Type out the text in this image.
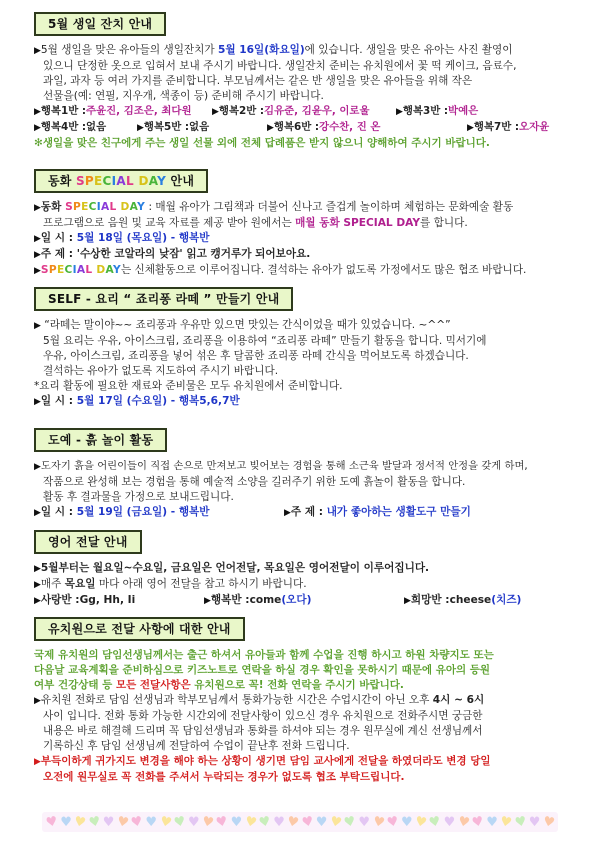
5월 생일 잔치 안내

▶5월 생일을 맞은 유아들의 생일잔치가 5월 16일(화요일)에 있습니다. 생일을 맞은 유아는 사진 촬영이

있으니 단정한 옷으로 입혀서 보내 주시기 바랍니다. 생일잔치 준비는 유치원에서 꽃 떡 케이크, 음료수,

과일, 과자 등 여러 가지를 준비합니다. 부모님께서는 같은 반 생일을 맞은 유아들을 위해 작은

선물을(예: 연필, 지우개, 색종이 등) 준비해 주시기 바랍니다.

▶행복1반 :주윤진, 김조은, 최다원 ▶행복2반 :김유준, 김윤우, 이로울	▶행복3반 :박예은

▶행복4반 :없음	▶행복5반 :없음	▶행복6반 :강수찬, 진 온	▶행복7반 :오자윤

✻생일을 맞은 친구에게 주는 생일 선물 외에 전체 답례품은 받지 않으니 양해하여 주시기 바랍니다.

동화 SPECIAL DAY 안내

▶동화 SPECIAL DAY : 매월 유아가 그림책과 더불어 신나고 즐겁게 놀이하며 체험하는 문화예술 활동

프로그램으로 음원 및 교육 자료를 제공 받아 원에서는 매월 동화 SPECIAL DAY를 합니다.

▶일 시 : 5월 18일 (목요일) - 행복반

▶주 제 : '수상한 코알라의 낮잠' 읽고 캥거루가 되어보아요.

▶SPECIAL DAY는 신체활동으로 이루어집니다. 결석하는 유아가 없도록 가정에서도 많은 협조 바랍니다.

SELF - 요리 “ 죠리퐁 라떼 ” 만들기 안내

▶ “라떼는 말이야~~ 죠리퐁과 우유만 있으면 맛있는 간식이었을 때가 있었습니다. ~^^”

5월 요리는 우유, 아이스크림, 죠리퐁을 이용하여 “죠리퐁 라떼” 만들기 활동을 합니다. 믹서기에

우유, 아이스크림, 죠리퐁을 넣어 섞은 후 달콤한 죠리퐁 라떼 간식을 먹어보도록 하겠습니다.

결석하는 유아가 없도록 지도하여 주시기 바랍니다.

*요리 활동에 필요한 재료와 준비물은 모두 유치원에서 준비합니다.

▶일 시 : 5월 17일 (수요일) - 행복5,6,7반

도예 - 흙 놀이 활동

▶도자기 흙을 어린이들이 직접 손으로 만져보고 빚어보는 경험을 통해 소근육 발달과 정서적 안정을 갖게 하며,

작품으로 완성해 보는 경험을 통해 예술적 소양을 길러주기 위한 도예 흙놀이 활동을 합니다.

활동 후 결과물을 가정으로 보내드립니다.

▶일 시 : 5월 19일 (금요일) - 행복반	▶주 제 : 내가 좋아하는 생활도구 만들기

영어 전달 안내

▶5월부터는 월요일~수요일, 금요일은 언어전달, 목요일은 영어전달이 이루어집니다.

▶매주 목요일 마다 아래 영어 전달을 참고 하시기 바랍니다.

▶사랑반 :Gg, Hh, Ii	▶행복반 :come(오다)	▶희망반 :cheese(치즈)

유치원으로 전달 사항에 대한 안내

국제 유치원의 담임선생님께서는 출근 하셔서 유아들과 함께 수업을 진행 하시고 하원 차량지도 또는

다음날 교육계획을 준비하심으로 키즈노트로 연락을 하실 경우 확인을 못하시기 때문에 유아의 등원

여부 건강상태 등 모든 전달사항은 유치원으로 꼭! 전화 연락을 주시기 바랍니다.

▶유치원 전화로 담임 선생님과 학부모님께서 통화가능한 시간은 수업시간이 아닌 오후 4시 ~ 6시

사이 입니다. 전화 통화 가능한 시간외에 전달사항이 있으신 경우 유치원으로 전화주시면 궁금한

내용은 바로 해결해 드리며 꼭 담임선생님과 통화를 하셔야 되는 경우 원무실에 계신 선생님께서

기록하신 후 담임 선생님께 전달하여 수업이 끝난후 전화 드립니다.

▶부득이하게 귀가지도 변경을 해야 하는 상황이 생기면 담임 교사에게 전달을 하였더라도 변경 당일

오전에 원무실로 꼭 전화를 주셔서 누락되는 경우가 없도록 협조 부탁드립니다.

♥ ♥ ♥ ♥ ♥ ♥ ♥ ♥ ♥ ♥ ♥ ♥ ♥ ♥ ♥ ♥ ♥ ♥ ♥ ♥ ♥ ♥ ♥ ♥ ♥ ♥ ♥ ♥ ♥ ♥ ♥ ♥ ♥ ♥ ♥ ♥
